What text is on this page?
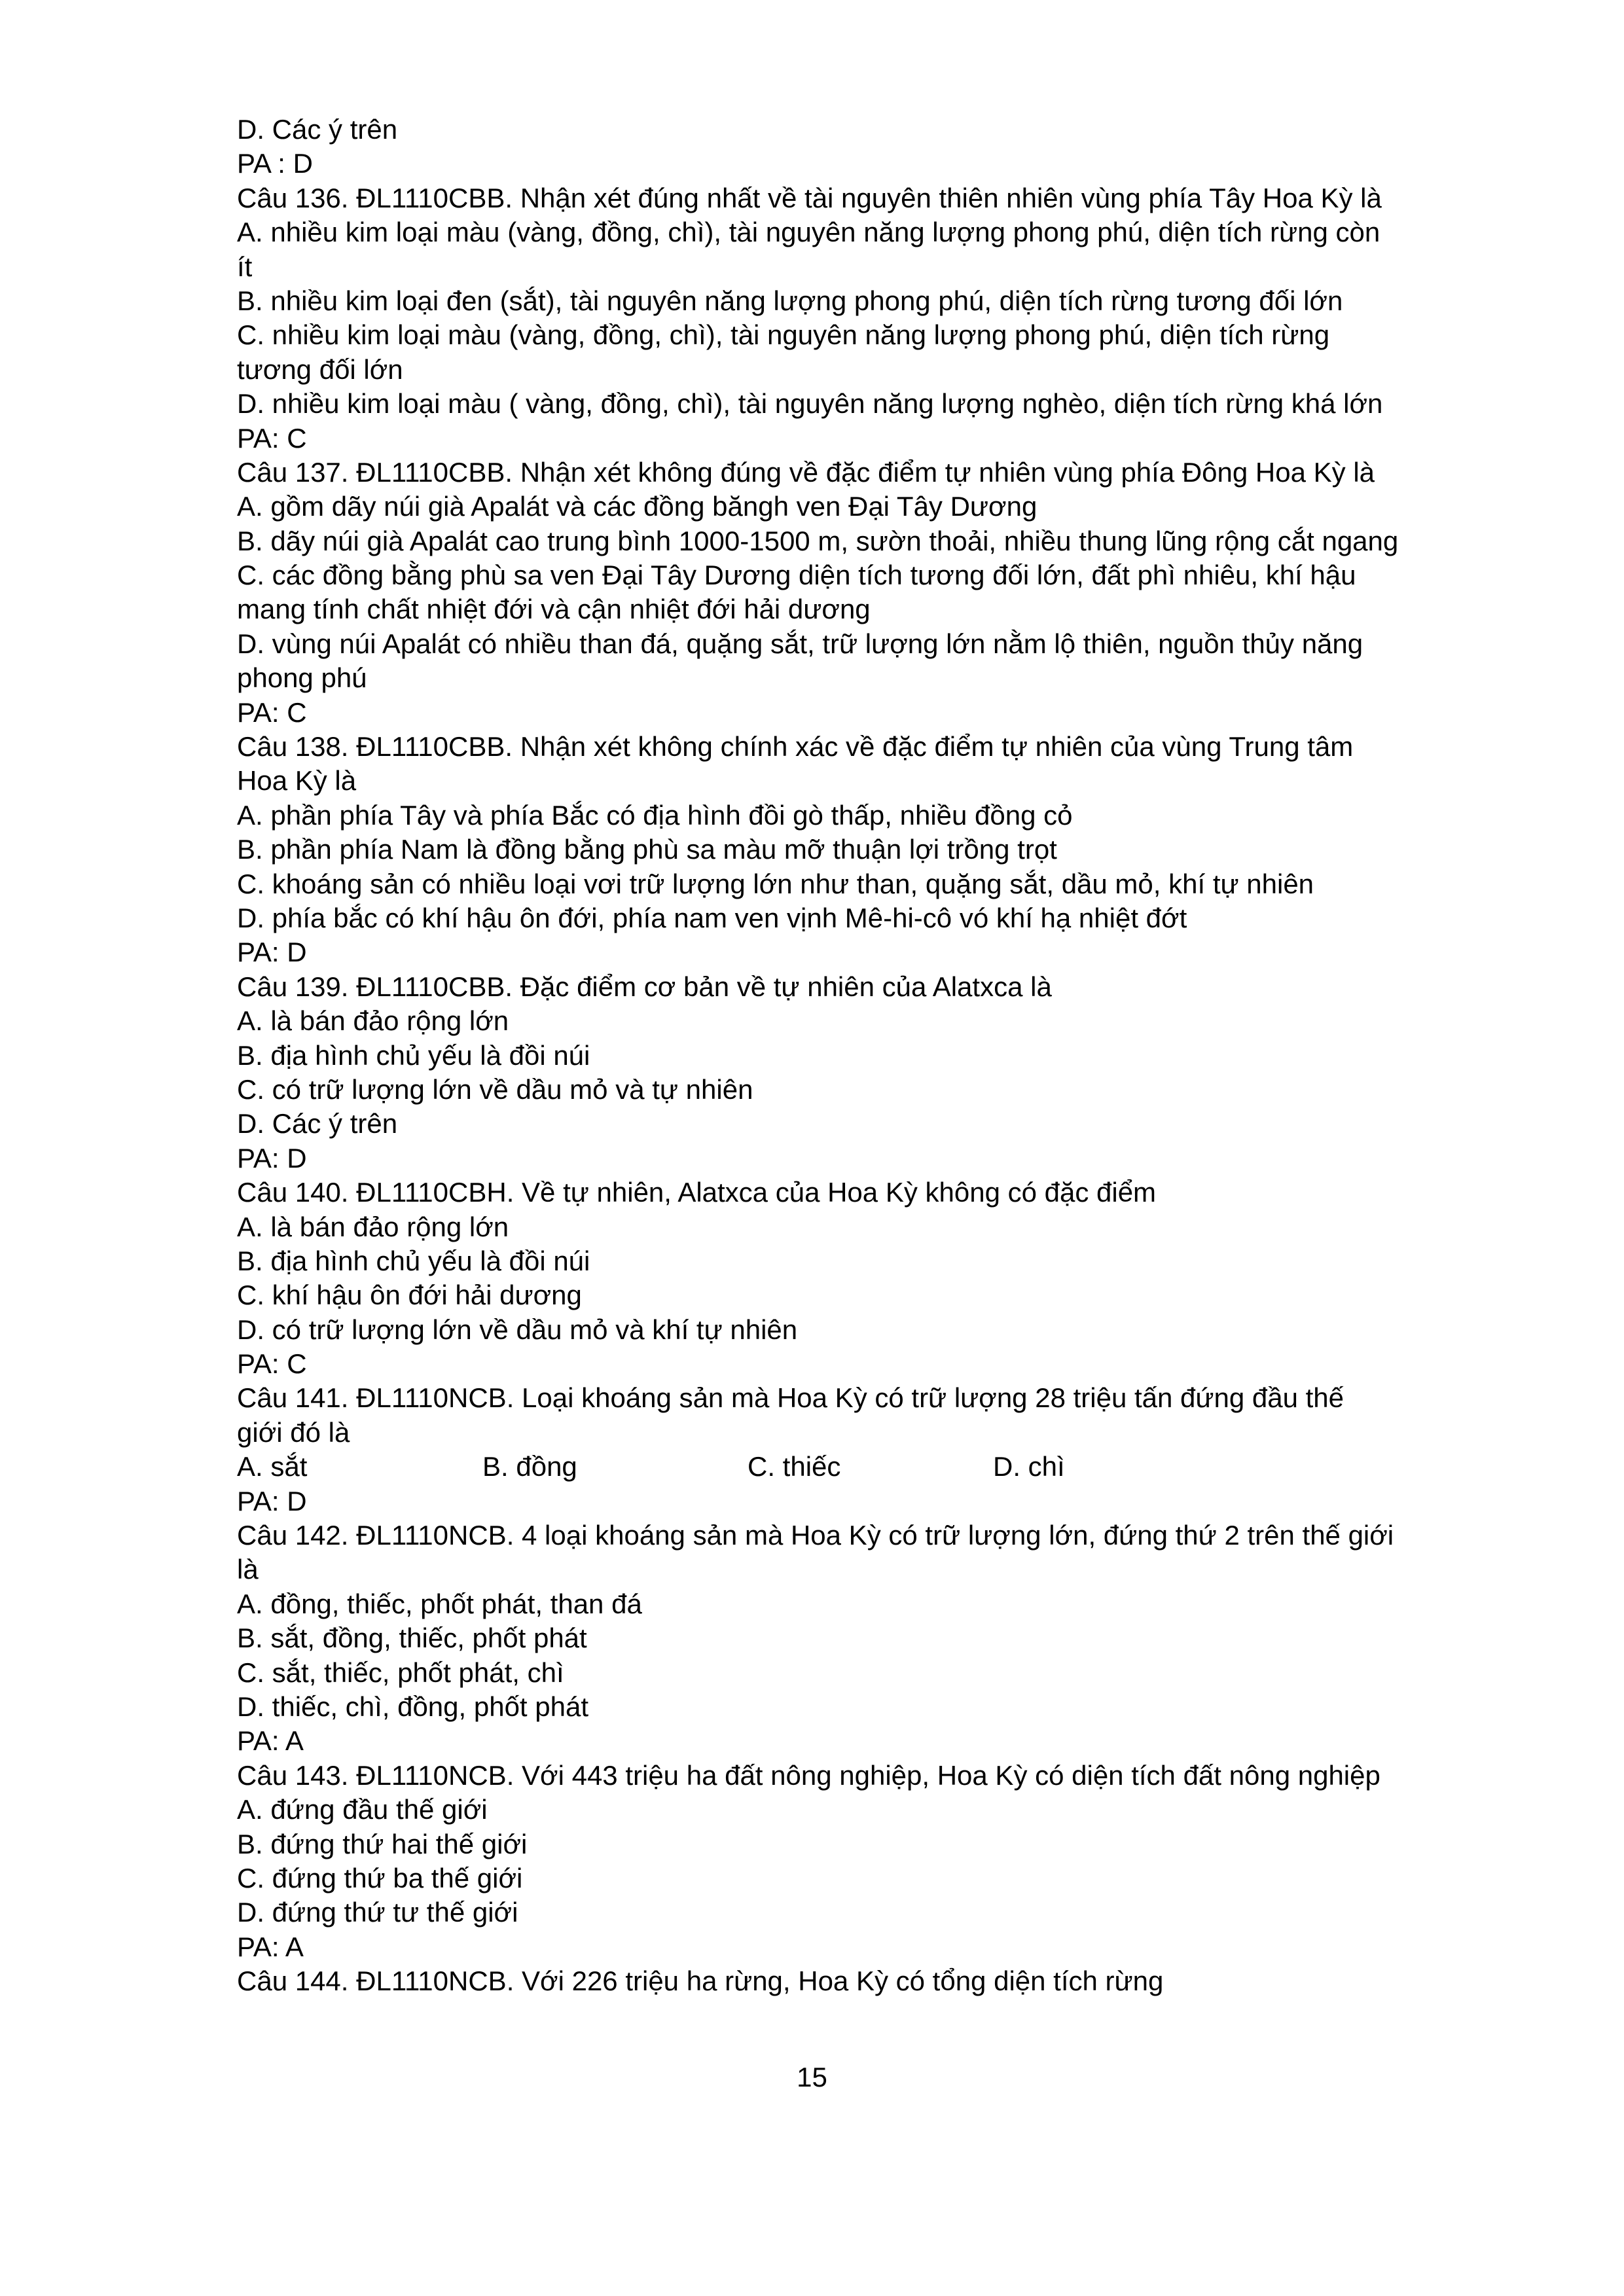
D. Các ý trên
PA : D
Câu 136. ĐL1110CBB. Nhận xét đúng nhất về tài nguyên thiên nhiên vùng phía Tây Hoa Kỳ là
A. nhiều kim loại màu (vàng, đồng, chì), tài nguyên năng lượng phong phú, diện tích rừng còn
ít
B. nhiều kim loại đen (sắt), tài nguyên năng lượng phong phú, diện tích rừng tương đối lớn
C. nhiều kim loại màu (vàng, đồng, chì), tài nguyên năng lượng phong phú, diện tích rừng
tương đối lớn
D. nhiều kim loại màu ( vàng, đồng, chì), tài nguyên năng lượng nghèo, diện tích rừng khá lớn
PA: C
Câu 137. ĐL1110CBB. Nhận xét không đúng về đặc điểm tự nhiên vùng phía Đông Hoa Kỳ là
A. gồm dãy núi già Apalát và các đồng băngh ven Đại Tây Dương
B. dãy núi già Apalát cao trung bình 1000-1500 m, sườn thoải, nhiều thung lũng rộng cắt ngang
C. các đồng bằng phù sa ven Đại Tây Dương diện tích tương đối lớn, đất phì nhiêu, khí hậu
mang tính chất nhiệt đới và cận nhiệt đới hải dương
D. vùng núi Apalát có nhiều than đá, quặng sắt, trữ lượng lớn nằm lộ thiên, nguồn thủy năng
phong phú
PA: C
Câu 138. ĐL1110CBB. Nhận xét không chính xác về đặc điểm tự nhiên của vùng Trung tâm
Hoa Kỳ là
A. phần phía Tây và phía Bắc có địa hình đồi gò thấp, nhiều đồng cỏ
B. phần phía Nam là đồng bằng phù sa màu mỡ thuận lợi trồng trọt
C. khoáng sản có nhiều loại vơi trữ lượng lớn như than, quặng sắt, dầu mỏ, khí tự nhiên
D. phía bắc có khí hậu ôn đới, phía nam ven vịnh Mê-hi-cô vó khí hạ nhiệt đớt
PA: D
Câu 139. ĐL1110CBB. Đặc điểm cơ bản về tự nhiên của Alatxca là
A. là bán đảo rộng lớn
B. địa hình chủ yếu là đồi núi
C. có trữ lượng lớn về dầu mỏ và tự nhiên
D. Các ý trên
PA: D
Câu 140. ĐL1110CBH. Về tự nhiên, Alatxca của Hoa Kỳ không có đặc điểm
A. là bán đảo rộng lớn
B. địa hình chủ yếu là đồi núi
C. khí hậu ôn đới hải dương
D. có trữ lượng lớn về dầu mỏ và khí tự nhiên
PA: C
Câu 141. ĐL1110NCB. Loại khoáng sản mà Hoa Kỳ có trữ lượng 28 triệu tấn đứng đầu thế
giới đó là
A. sắt	B. đồng	C. thiếc	D. chì
PA: D
Câu 142. ĐL1110NCB. 4 loại khoáng sản mà Hoa Kỳ có trữ lượng lớn, đứng thứ 2 trên thế giới
là
A. đồng, thiếc, phốt phát, than đá
B. sắt, đồng, thiếc, phốt phát
C. sắt, thiếc, phốt phát, chì
D. thiếc, chì, đồng, phốt phát
PA: A
Câu 143. ĐL1110NCB. Với 443 triệu ha đất nông nghiệp, Hoa Kỳ có diện tích đất nông nghiệp
A. đứng đầu thế giới
B. đứng thứ hai thế giới
C. đứng thứ ba thế giới
D. đứng thứ tư thế giới
PA: A
Câu 144. ĐL1110NCB. Với 226 triệu ha rừng, Hoa Kỳ có tổng diện tích rừng
15
